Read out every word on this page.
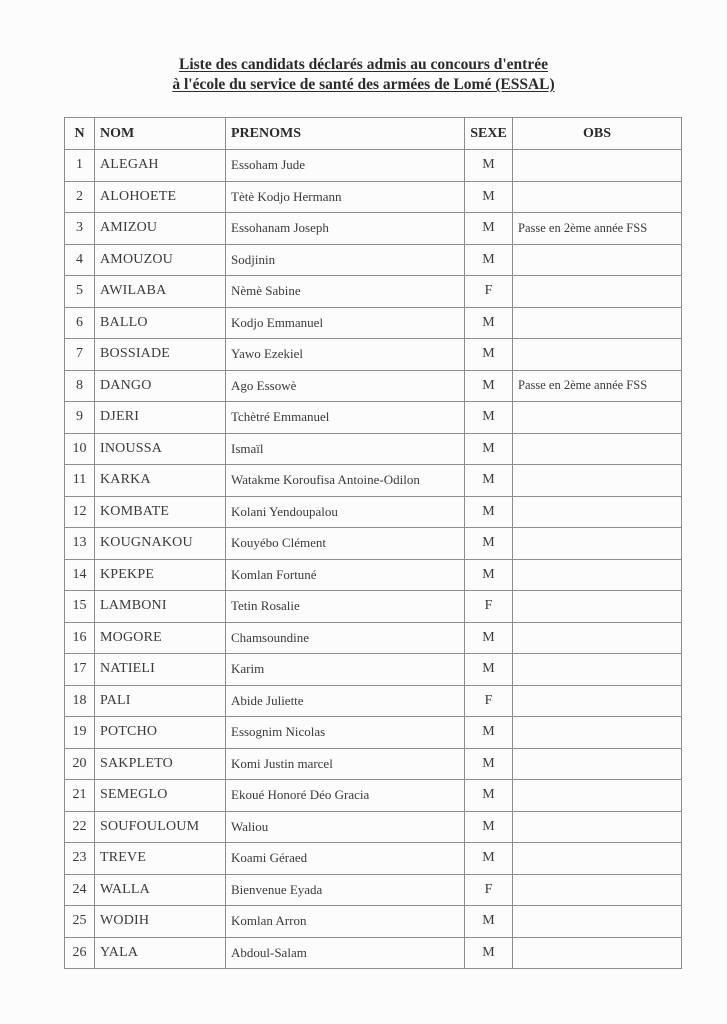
Liste des candidats déclarés admis au concours d'entrée
à l'école du service de santé des armées de Lomé (ESSAL)
N	NOM	PRENOMS	SEXE	OBS
1	ALEGAH	Essoham Jude	M	
2	ALOHOETE	Tètè Kodjo Hermann	M	
3	AMIZOU	Essohanam Joseph	M	Passe en 2ème année FSS
4	AMOUZOU	Sodjinin	M	
5	AWILABA	Nèmè Sabine	F	
6	BALLO	Kodjo Emmanuel	M	
7	BOSSIADE	Yawo Ezekiel	M	
8	DANGO	Ago Essowè	M	Passe en 2ème année FSS
9	DJERI	Tchètré Emmanuel	M	
10	INOUSSA	Ismaïl	M	
11	KARKA	Watakme Koroufisa Antoine-Odilon	M	
12	KOMBATE	Kolani Yendoupalou	M	
13	KOUGNAKOU	Kouyébo Clément	M	
14	KPEKPE	Komlan Fortuné	M	
15	LAMBONI	Tetin Rosalie	F	
16	MOGORE	Chamsoundine	M	
17	NATIELI	Karim	M	
18	PALI	Abide Juliette	F	
19	POTCHO	Essognim Nicolas	M	
20	SAKPLETO	Komi Justin marcel	M	
21	SEMEGLO	Ekoué Honoré Déo Gracia	M	
22	SOUFOULOUM	Waliou	M	
23	TREVE	Koami Géraed	M	
24	WALLA	Bienvenue Eyada	F	
25	WODIH	Komlan Arron	M	
26	YALA	Abdoul-Salam	M	
